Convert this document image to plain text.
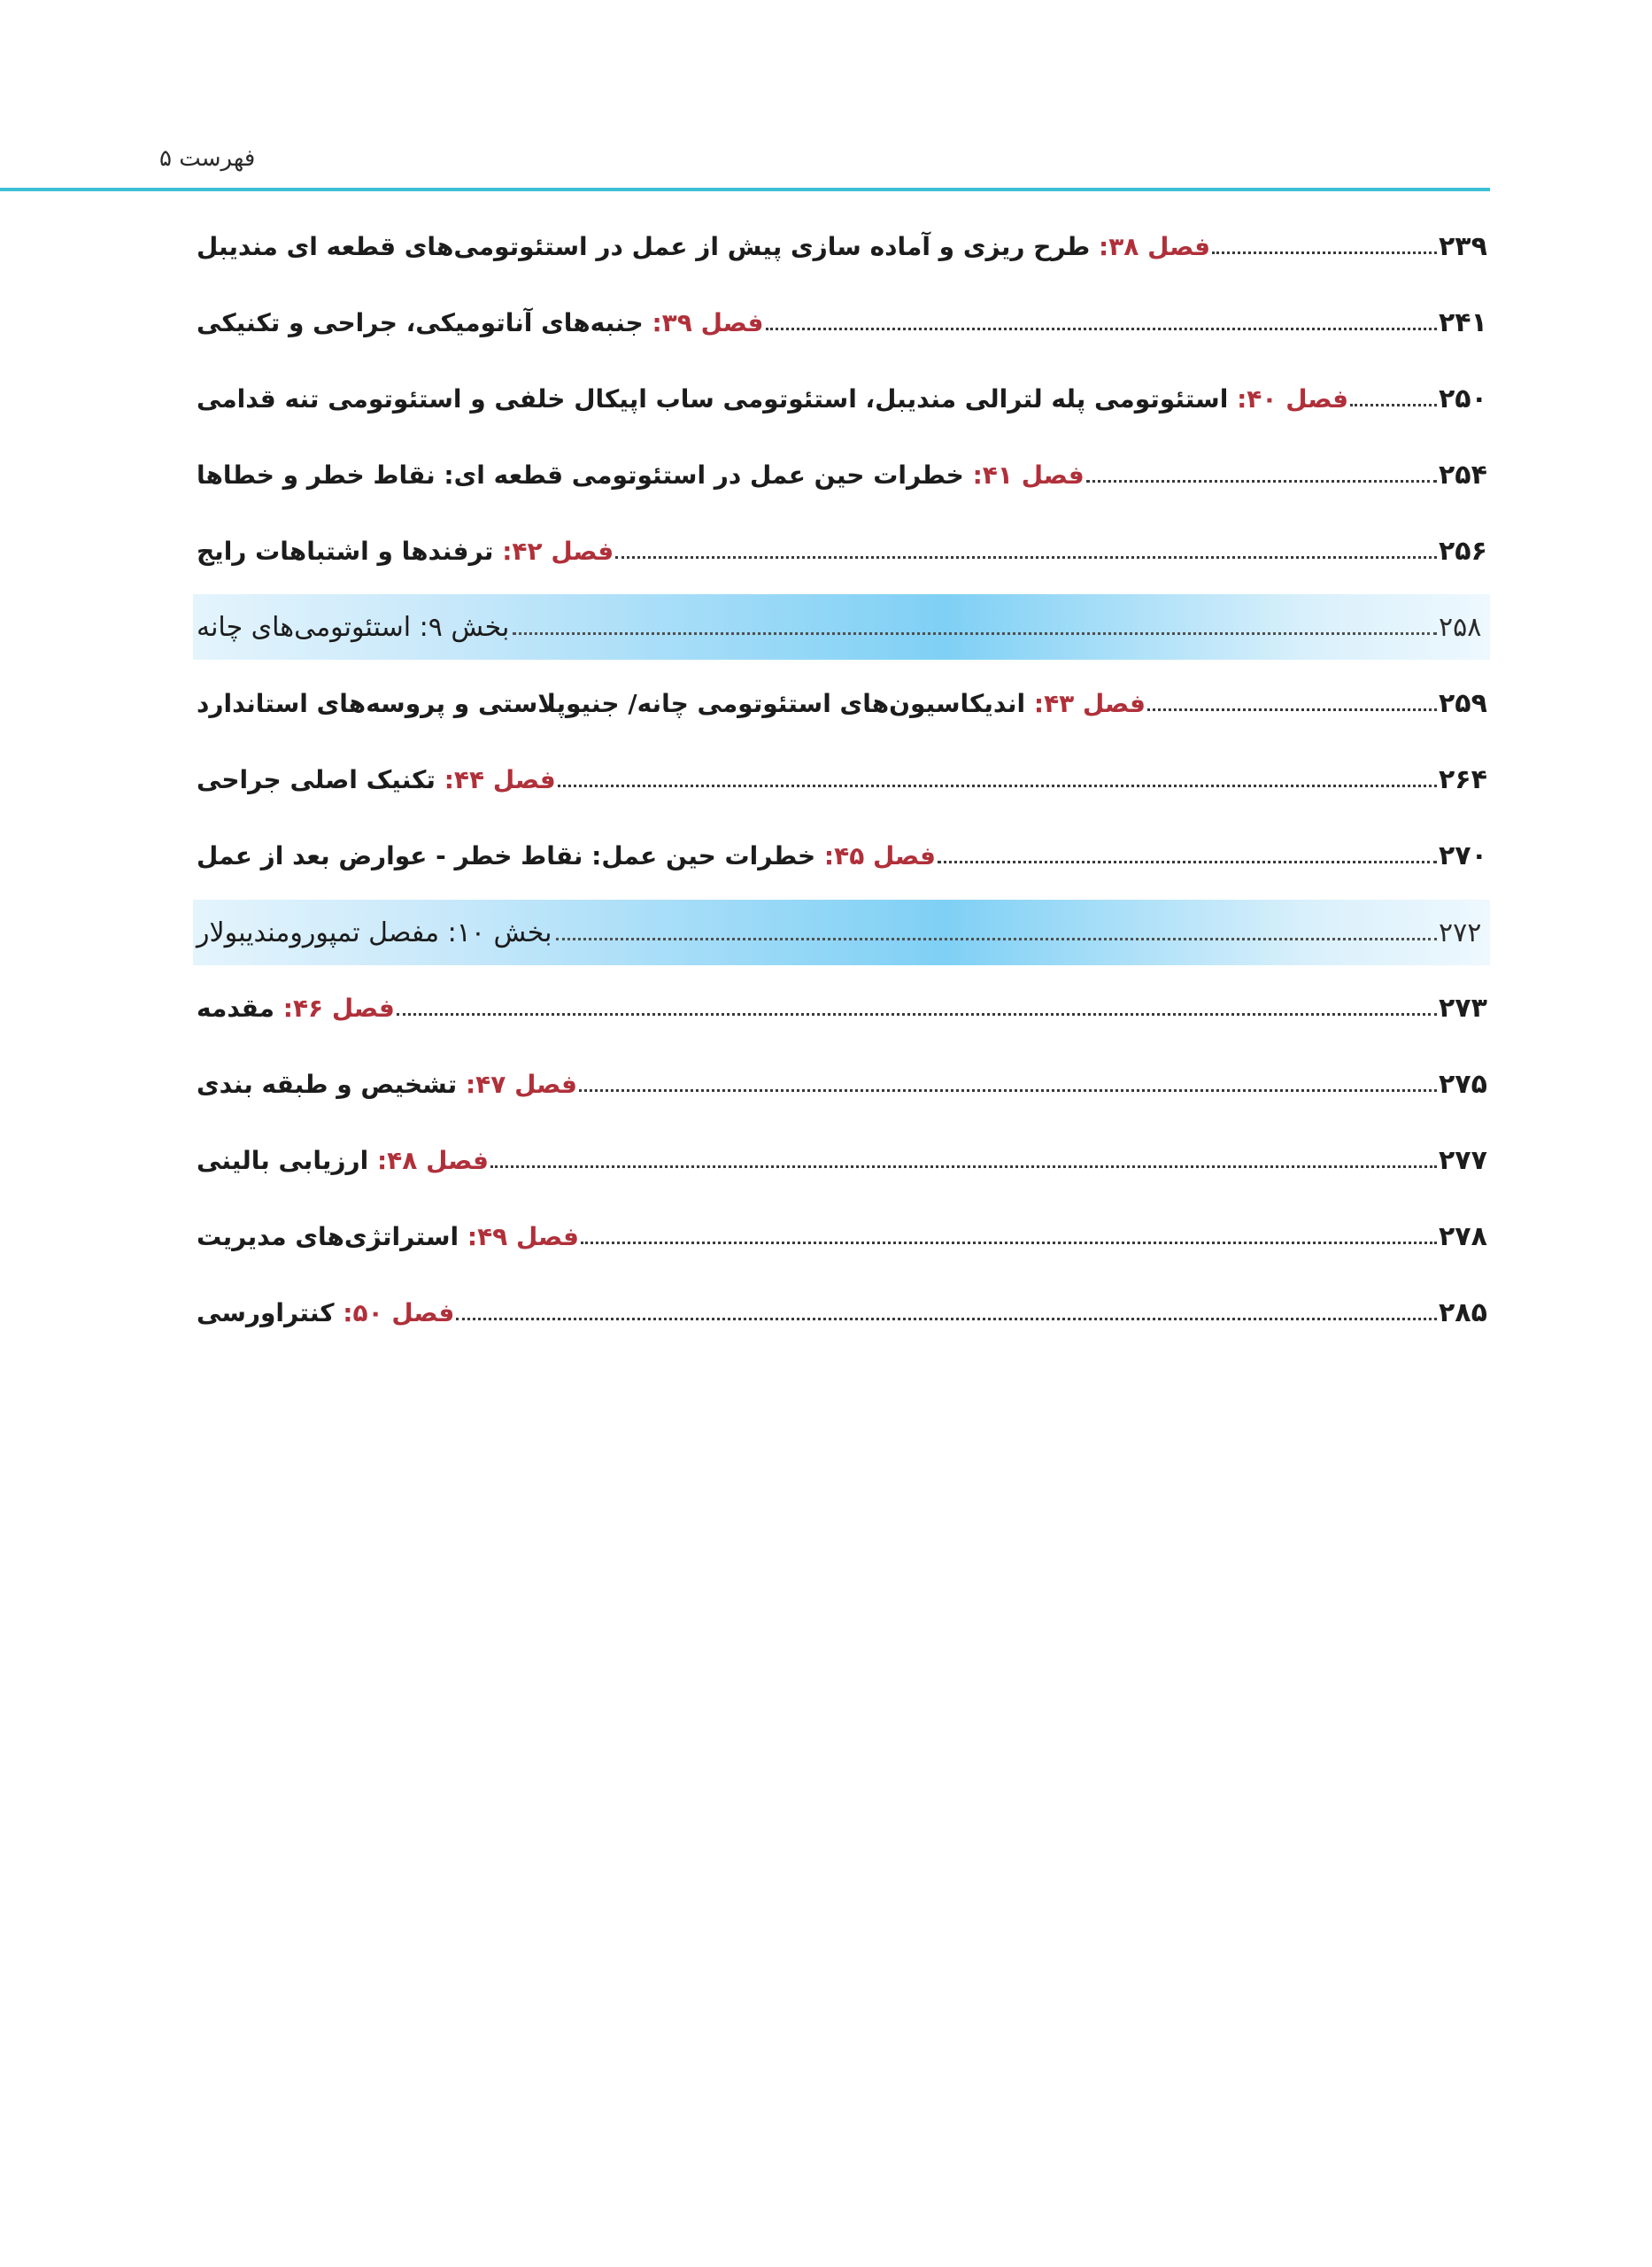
فهرست ۵
فصل ۳۸: طرح ریزی و آماده سازی پیش از عمل در استئوتومی‌های قطعه ای مندیبل	۲۳۹
فصل ۳۹: جنبه‌های آناتومیکی، جراحی و تکنیکی	۲۴۱
فصل ۴۰: استئوتومی پله لترالی مندیبل، استئوتومی ساب اپیکال خلفی و استئوتومی تنه قدامی	۲۵۰
فصل ۴۱: خطرات حین عمل در استئوتومی قطعه ای: نقاط خطر و خطاها	۲۵۴
فصل ۴۲: ترفندها و اشتباهات رایج	۲۵۶
بخش ۹: استئوتومی‌های چانه	۲۵۸
فصل ۴۳: اندیکاسیون‌های استئوتومی چانه/ جنیوپلاستی و پروسه‌های استاندارد	۲۵۹
فصل ۴۴: تکنیک اصلی جراحی	۲۶۴
فصل ۴۵: خطرات حین عمل: نقاط خطر - عوارض بعد از عمل	۲۷۰
بخش ۱۰: مفصل تمپورومندیبولار	۲۷۲
فصل ۴۶: مقدمه	۲۷۳
فصل ۴۷: تشخیص و طبقه بندی	۲۷۵
فصل ۴۸: ارزیابی بالینی	۲۷۷
فصل ۴۹: استراتژی‌های مدیریت	۲۷۸
فصل ۵۰: کنتراورسی	۲۸۵
